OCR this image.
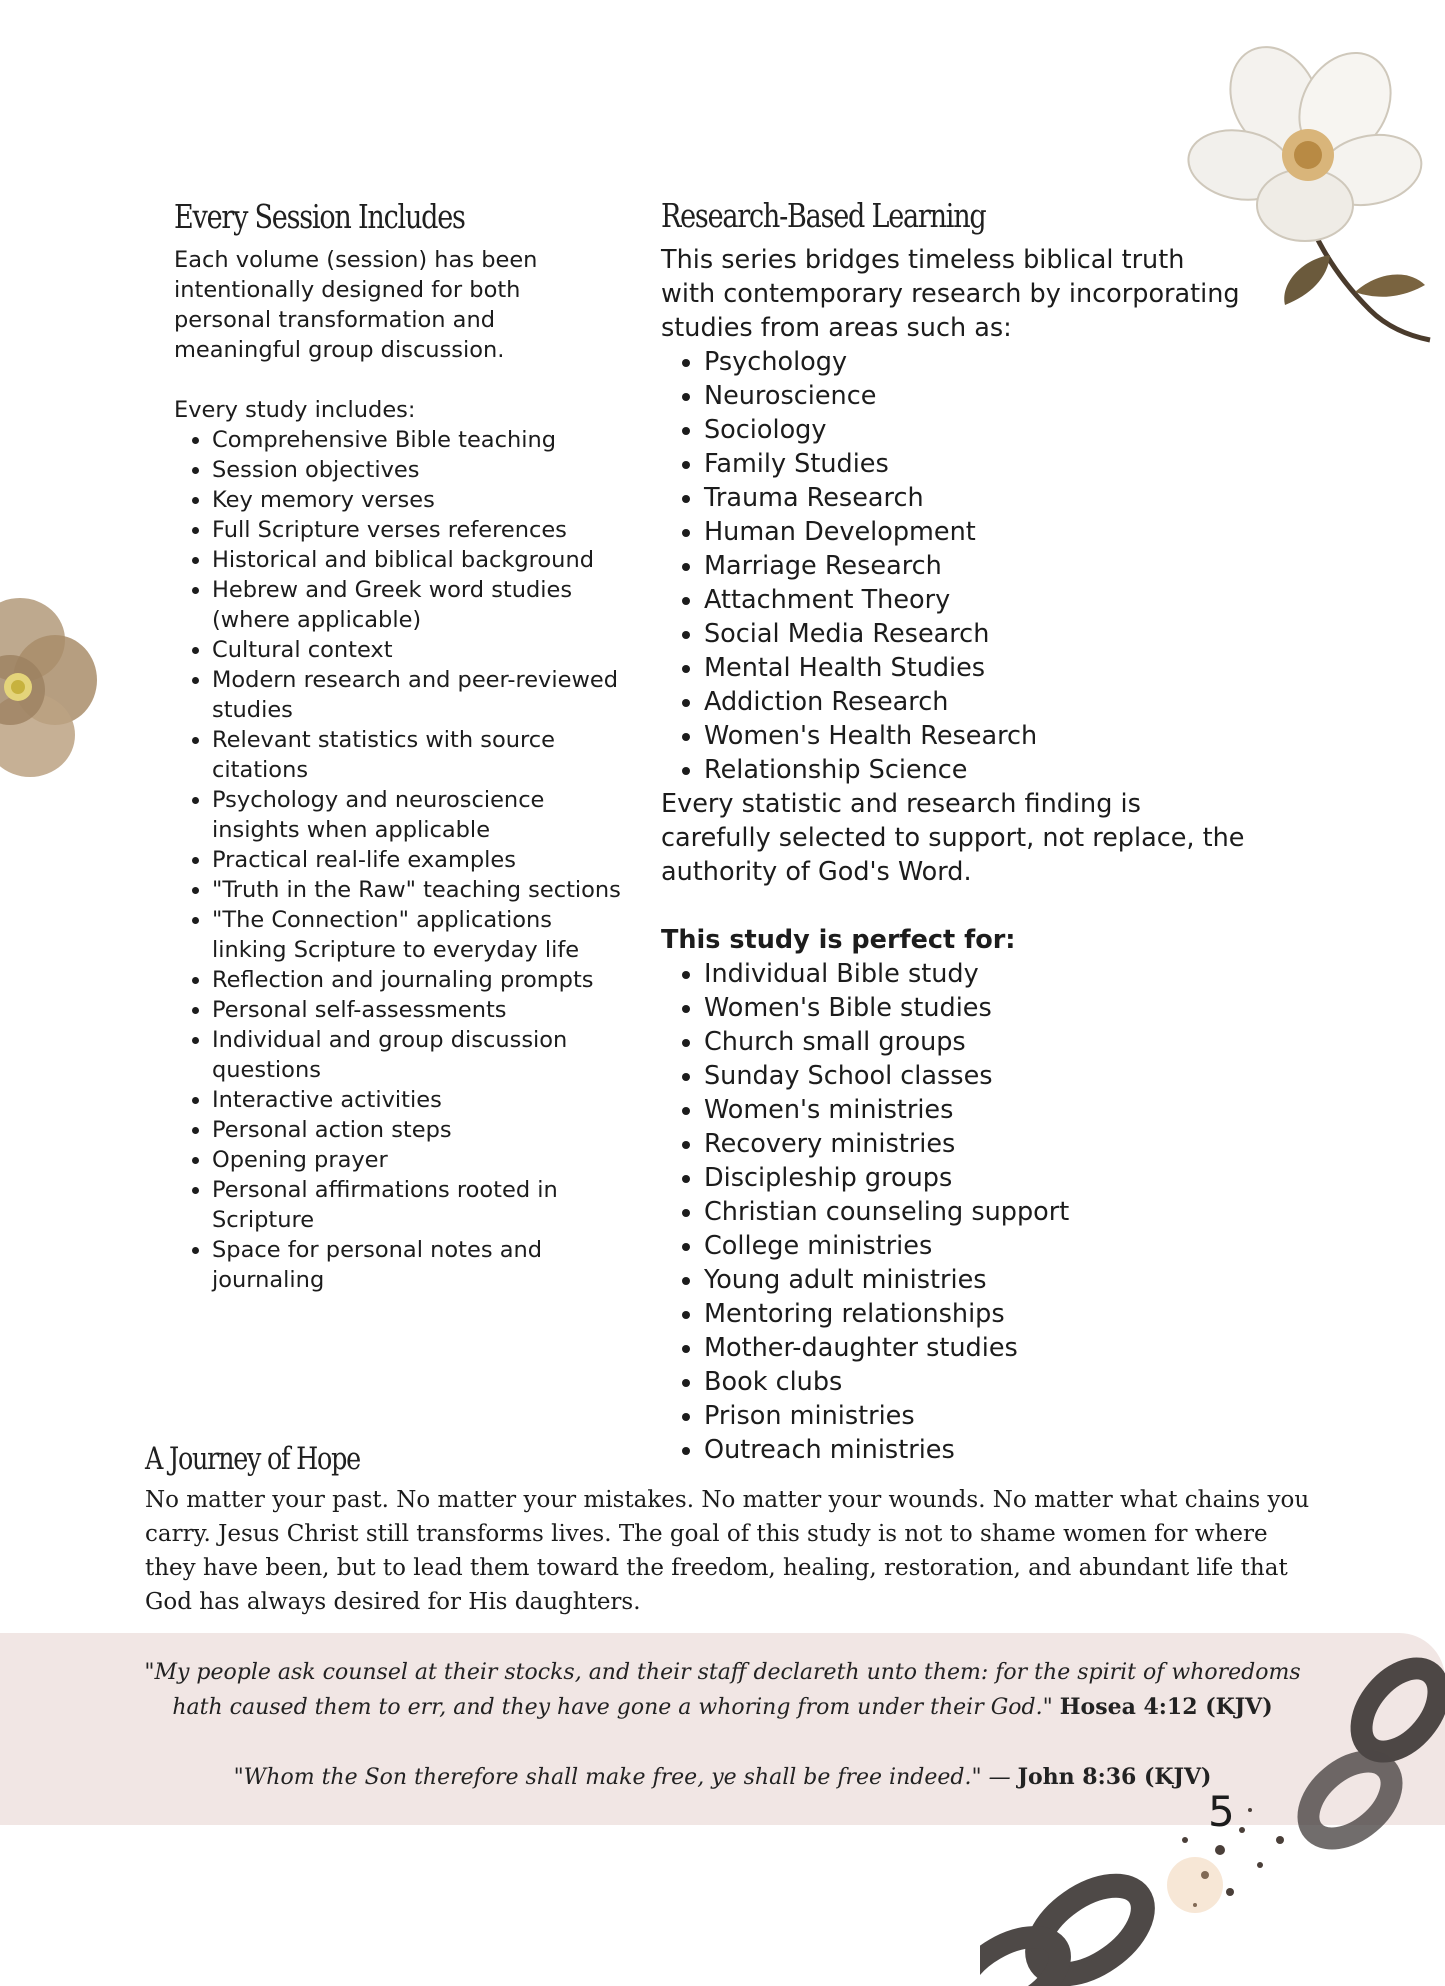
Every Session Includes

Each volume (session) has been intentionally designed for both personal transformation and meaningful group discussion.

Every study includes:

• Comprehensive Bible teaching
• Session objectives
• Key memory verses
• Full Scripture verses references
• Historical and biblical background
• Hebrew and Greek word studies (where applicable)
• Cultural context
• Modern research and peer-reviewed studies
• Relevant statistics with source citations
• Psychology and neuroscience insights when applicable
• Practical real-life examples
• "Truth in the Raw" teaching sections
• "The Connection" applications linking Scripture to everyday life
• Reflection and journaling prompts
• Personal self-assessments
• Individual and group discussion questions
• Interactive activities
• Personal action steps
• Opening prayer
• Personal affirmations rooted in Scripture
• Space for personal notes and journaling
Research-Based Learning

This series bridges timeless biblical truth with contemporary research by incorporating studies from areas such as:

• Psychology
• Neuroscience
• Sociology
• Family Studies
• Trauma Research
• Human Development
• Marriage Research
• Attachment Theory
• Social Media Research
• Mental Health Studies
• Addiction Research
• Women's Health Research
• Relationship Science

Every statistic and research finding is carefully selected to support, not replace, the authority of God's Word.

This study is perfect for:

• Individual Bible study
• Women's Bible studies
• Church small groups
• Sunday School classes
• Women's ministries
• Recovery ministries
• Discipleship groups
• Christian counseling support
• College ministries
• Young adult ministries
• Mentoring relationships
• Mother-daughter studies
• Book clubs
• Prison ministries
• Outreach ministries
A Journey of Hope

No matter your past. No matter your mistakes. No matter your wounds. No matter what chains you carry. Jesus Christ still transforms lives. The goal of this study is not to shame women for where they have been, but to lead them toward the freedom, healing, restoration, and abundant life that God has always desired for His daughters.

"My people ask counsel at their stocks, and their staff declareth unto them: for the spirit of whoredoms hath caused them to err, and they have gone a whoring from under their God." Hosea 4:12 (KJV)

"Whom the Son therefore shall make free, ye shall be free indeed." — John 8:36 (KJV)

5
